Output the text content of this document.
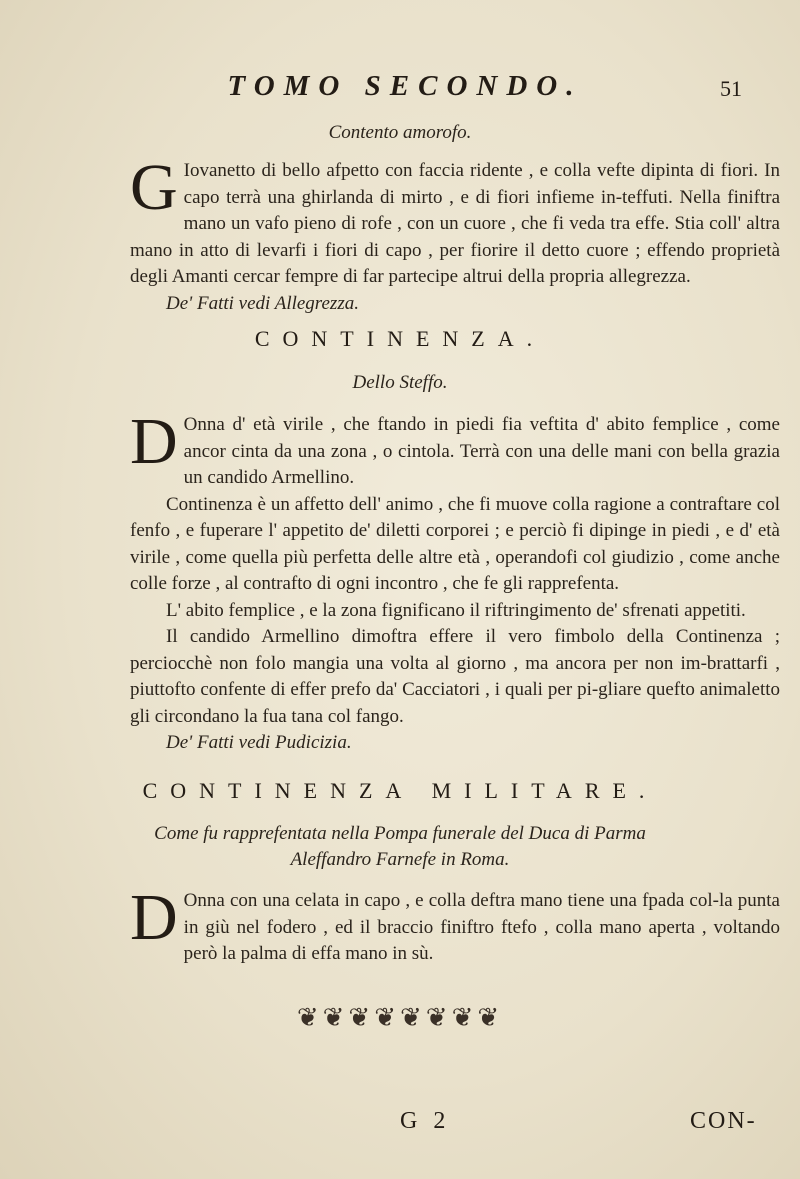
TOMO SECONDO.	51
Contento amorofo.

G Iovanetto di bello afpetto con faccia ridente , e colla vefte dipinta di fiori. In capo terrà una ghirlanda di mirto , e di fiori infieme in-teffuti. Nella finiftra mano un vafo pieno di rofe , con un cuore , che fi veda tra effe. Stia coll' altra mano in atto di levarfi i fiori di capo , per fiorire il detto cuore ; effendo proprietà degli Amanti cercar fempre di far partecipe altrui della propria allegrezza.

De' Fatti vedi Allegrezza.

CONTINENZA.
Dello Steffo.

D Onna d' età virile , che ftando in piedi fia veftita d' abito femplice , come ancor cinta da una zona , o cintola. Terrà con una delle mani con bella grazia un candido Armellino.

Continenza è un affetto dell' animo , che fi muove colla ragione a contraftare col fenfo , e fuperare l' appetito de' diletti corporei ; e perciò fi dipinge in piedi , e d' età virile , come quella più perfetta delle altre età , operandofi col giudizio , come anche colle forze , al contrafto di ogni incontro , che fe gli rapprefenta.

L' abito femplice , e la zona fignificano il riftringimento de' sfrenati appetiti.

Il candido Armellino dimoftra effere il vero fimbolo della Continenza ; perciocchè non folo mangia una volta al giorno , ma ancora per non im-brattarfi , piuttofto confente di effer prefo da' Cacciatori , i quali per pi-gliare quefto animaletto gli circondano la fua tana col fango.

De' Fatti vedi Pudicizia.

CONTINENZA MILITARE.
Come fu rapprefentata nella Pompa funerale del Duca di Parma
Aleffandro Farnefe in Roma.

D Onna con una celata in capo , e colla deftra mano tiene una fpada col-la punta in giù nel fodero , ed il braccio finiftro ftefo , colla mano aperta , voltando però la palma di effa mano in sù.

❦❦❦❦❦❦❦❦
G 2	CON-
